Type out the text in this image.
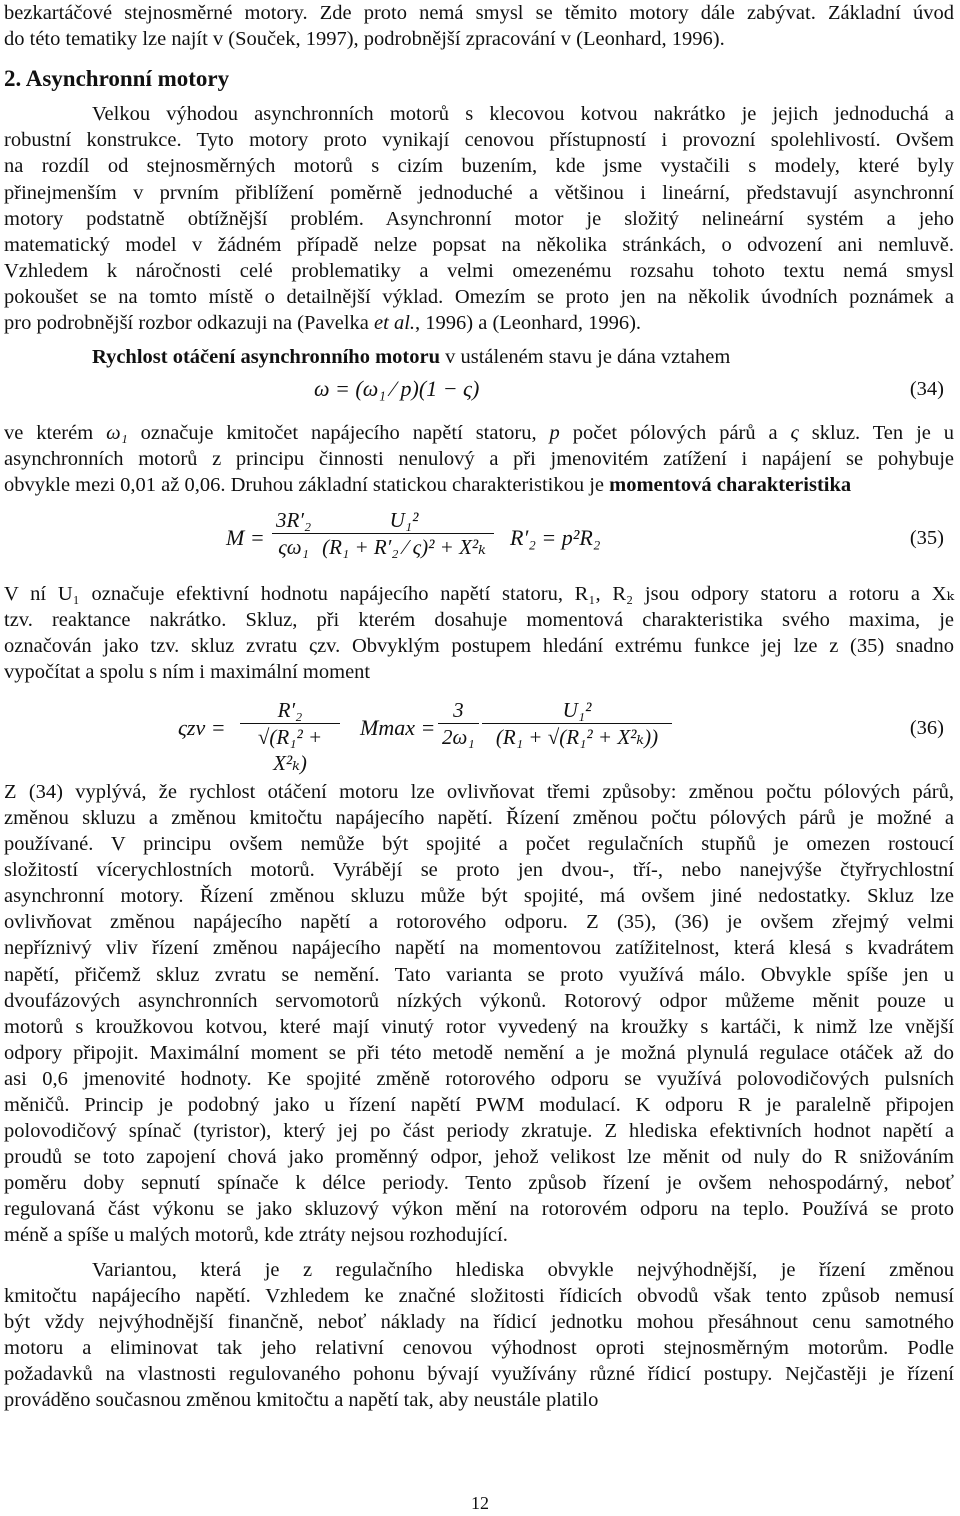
bezkartáčové stejnosměrné motory. Zde proto nemá smysl se těmito motory dále zabývat. Základní úvod
do této tematiky lze najít v (Souček, 1997), podrobnější zpracování v (Leonhard, 1996).
2. Asynchronní motory
Velkou výhodou asynchronních motorů s klecovou kotvou nakrátko je jejich jednoduchá a
robustní konstrukce. Tyto motory proto vynikají cenovou přístupností i provozní spolehlivostí. Ovšem
na rozdíl od stejnosměrných motorů s cizím buzením, kde jsme vystačili s modely, které byly
přinejmenším v prvním přiblížení poměrně jednoduché a většinou i lineární, představují asynchronní
motory podstatně obtížnější problém. Asynchronní motor je složitý nelineární systém a jeho
matematický model v žádném případě nelze popsat na několika stránkách, o odvození ani nemluvě.
Vzhledem k náročnosti celé problematiky a velmi omezenému rozsahu tohoto textu nemá smysl
pokoušet se na tomto místě o detailnější výklad. Omezím se proto jen na několik úvodních poznámek a
pro podrobnější rozbor odkazuji na (Pavelka et al., 1996) a (Leonhard, 1996).
Rychlost otáčení asynchronního motoru v ustáleném stavu je dána vztahem
ω = (ω₁ ⁄ p)(1 − ς)	(34)
ve kterém ω₁ označuje kmitočet napájecího napětí statoru, p počet pólových párů a ς skluz. Ten je u
asynchronních motorů z principu činnosti nenulový a při jmenovitém zatížení i napájení se pohybuje
obvykle mezi 0,01 až 0,06. Druhou základní statickou charakteristikou je momentová charakteristika
$M = \frac{\text{3R′₂}}{\text{ςω₁}}$
$\frac{\text{U₁²}}{\text{(R₁ + R′₂ ⁄ ς)² + X²ₖ}} R'_2 = p^2R_2$	(35)
V ní U₁ označuje efektivní hodnotu napájecího napětí statoru, R₁, R₂ jsou odpory statoru a rotoru a Xₖ
tzv. reaktance nakrátko. Skluz, při kterém dosahuje momentová charakteristika svého maxima, je
označován jako tzv. skluz zvratu ςzv. Obvyklým postupem hledání extrému funkce jej lze z (35) snadno
vypočítat a spolu s ním i maximální moment
$\varsigma zv = \frac{\text{R′₂}}{\text{√(R₁² + X²ₖ)}}$ $Mmax = \frac{3}{\text{2ω₁}} \frac{\text{U₁²}}{\text{(R₁ + √(R₁² + X²ₖ))}}$	(36)
Z (34) vyplývá, že rychlost otáčení motoru lze ovlivňovat třemi způsoby: změnou počtu pólových párů,
změnou skluzu a změnou kmitočtu napájecího napětí. Řízení změnou počtu pólových párů je možné a
používané. V principu ovšem nemůže být spojité a počet regulačních stupňů je omezen rostoucí
složitostí vícerychlostních motorů. Vyrábějí se proto jen dvou-, tří-, nebo nanejvýše čtyřrychlostní
asynchronní motory. Řízení změnou skluzu může být spojité, má ovšem jiné nedostatky. Skluz lze
ovlivňovat změnou napájecího napětí a rotorového odporu. Z (35), (36) je ovšem zřejmý velmi
nepříznivý vliv řízení změnou napájecího napětí na momentovou zatížitelnost, která klesá s kvadrátem
napětí, přičemž skluz zvratu se nemění. Tato varianta se proto využívá málo. Obvykle spíše jen u
dvoufázových asynchronních servomotorů nízkých výkonů. Rotorový odpor můžeme měnit pouze u
motorů s kroužkovou kotvou, které mají vinutý rotor vyvedený na kroužky s kartáči, k nimž lze vnější
odpory připojit. Maximální moment se při této metodě nemění a je možná plynulá regulace otáček až do
asi 0,6 jmenovité hodnoty. Ke spojité změně rotorového odporu se využívá polovodičových pulsních
měničů. Princip je podobný jako u řízení napětí PWM modulací. K odporu R je paralelně připojen
polovodičový spínač (tyristor), který jej po část periody zkratuje. Z hlediska efektivních hodnot napětí a
proudů se toto zapojení chová jako proměnný odpor, jehož velikost lze měnit od nuly do R snižováním
poměru doby sepnutí spínače k délce periody. Tento způsob řízení je ovšem nehospodárný, neboť
regulovaná část výkonu se jako skluzový výkon mění na rotorovém odporu na teplo. Používá se proto
méně a spíše u malých motorů, kde ztráty nejsou rozhodující.
Variantou, která je z regulačního hlediska obvykle nejvýhodnější, je řízení změnou
kmitočtu napájecího napětí. Vzhledem ke značné složitosti řídicích obvodů však tento způsob nemusí
být vždy nejvýhodnější finančně, neboť náklady na řídicí jednotku mohou přesáhnout cenu samotného
motoru a eliminovat tak jeho relativní cenovou výhodnost oproti stejnosměrným motorům. Podle
požadavků na vlastnosti regulovaného pohonu bývají využívány různé řídicí postupy. Nejčastěji je řízení
prováděno současnou změnou kmitočtu a napětí tak, aby neustále platilo
12
